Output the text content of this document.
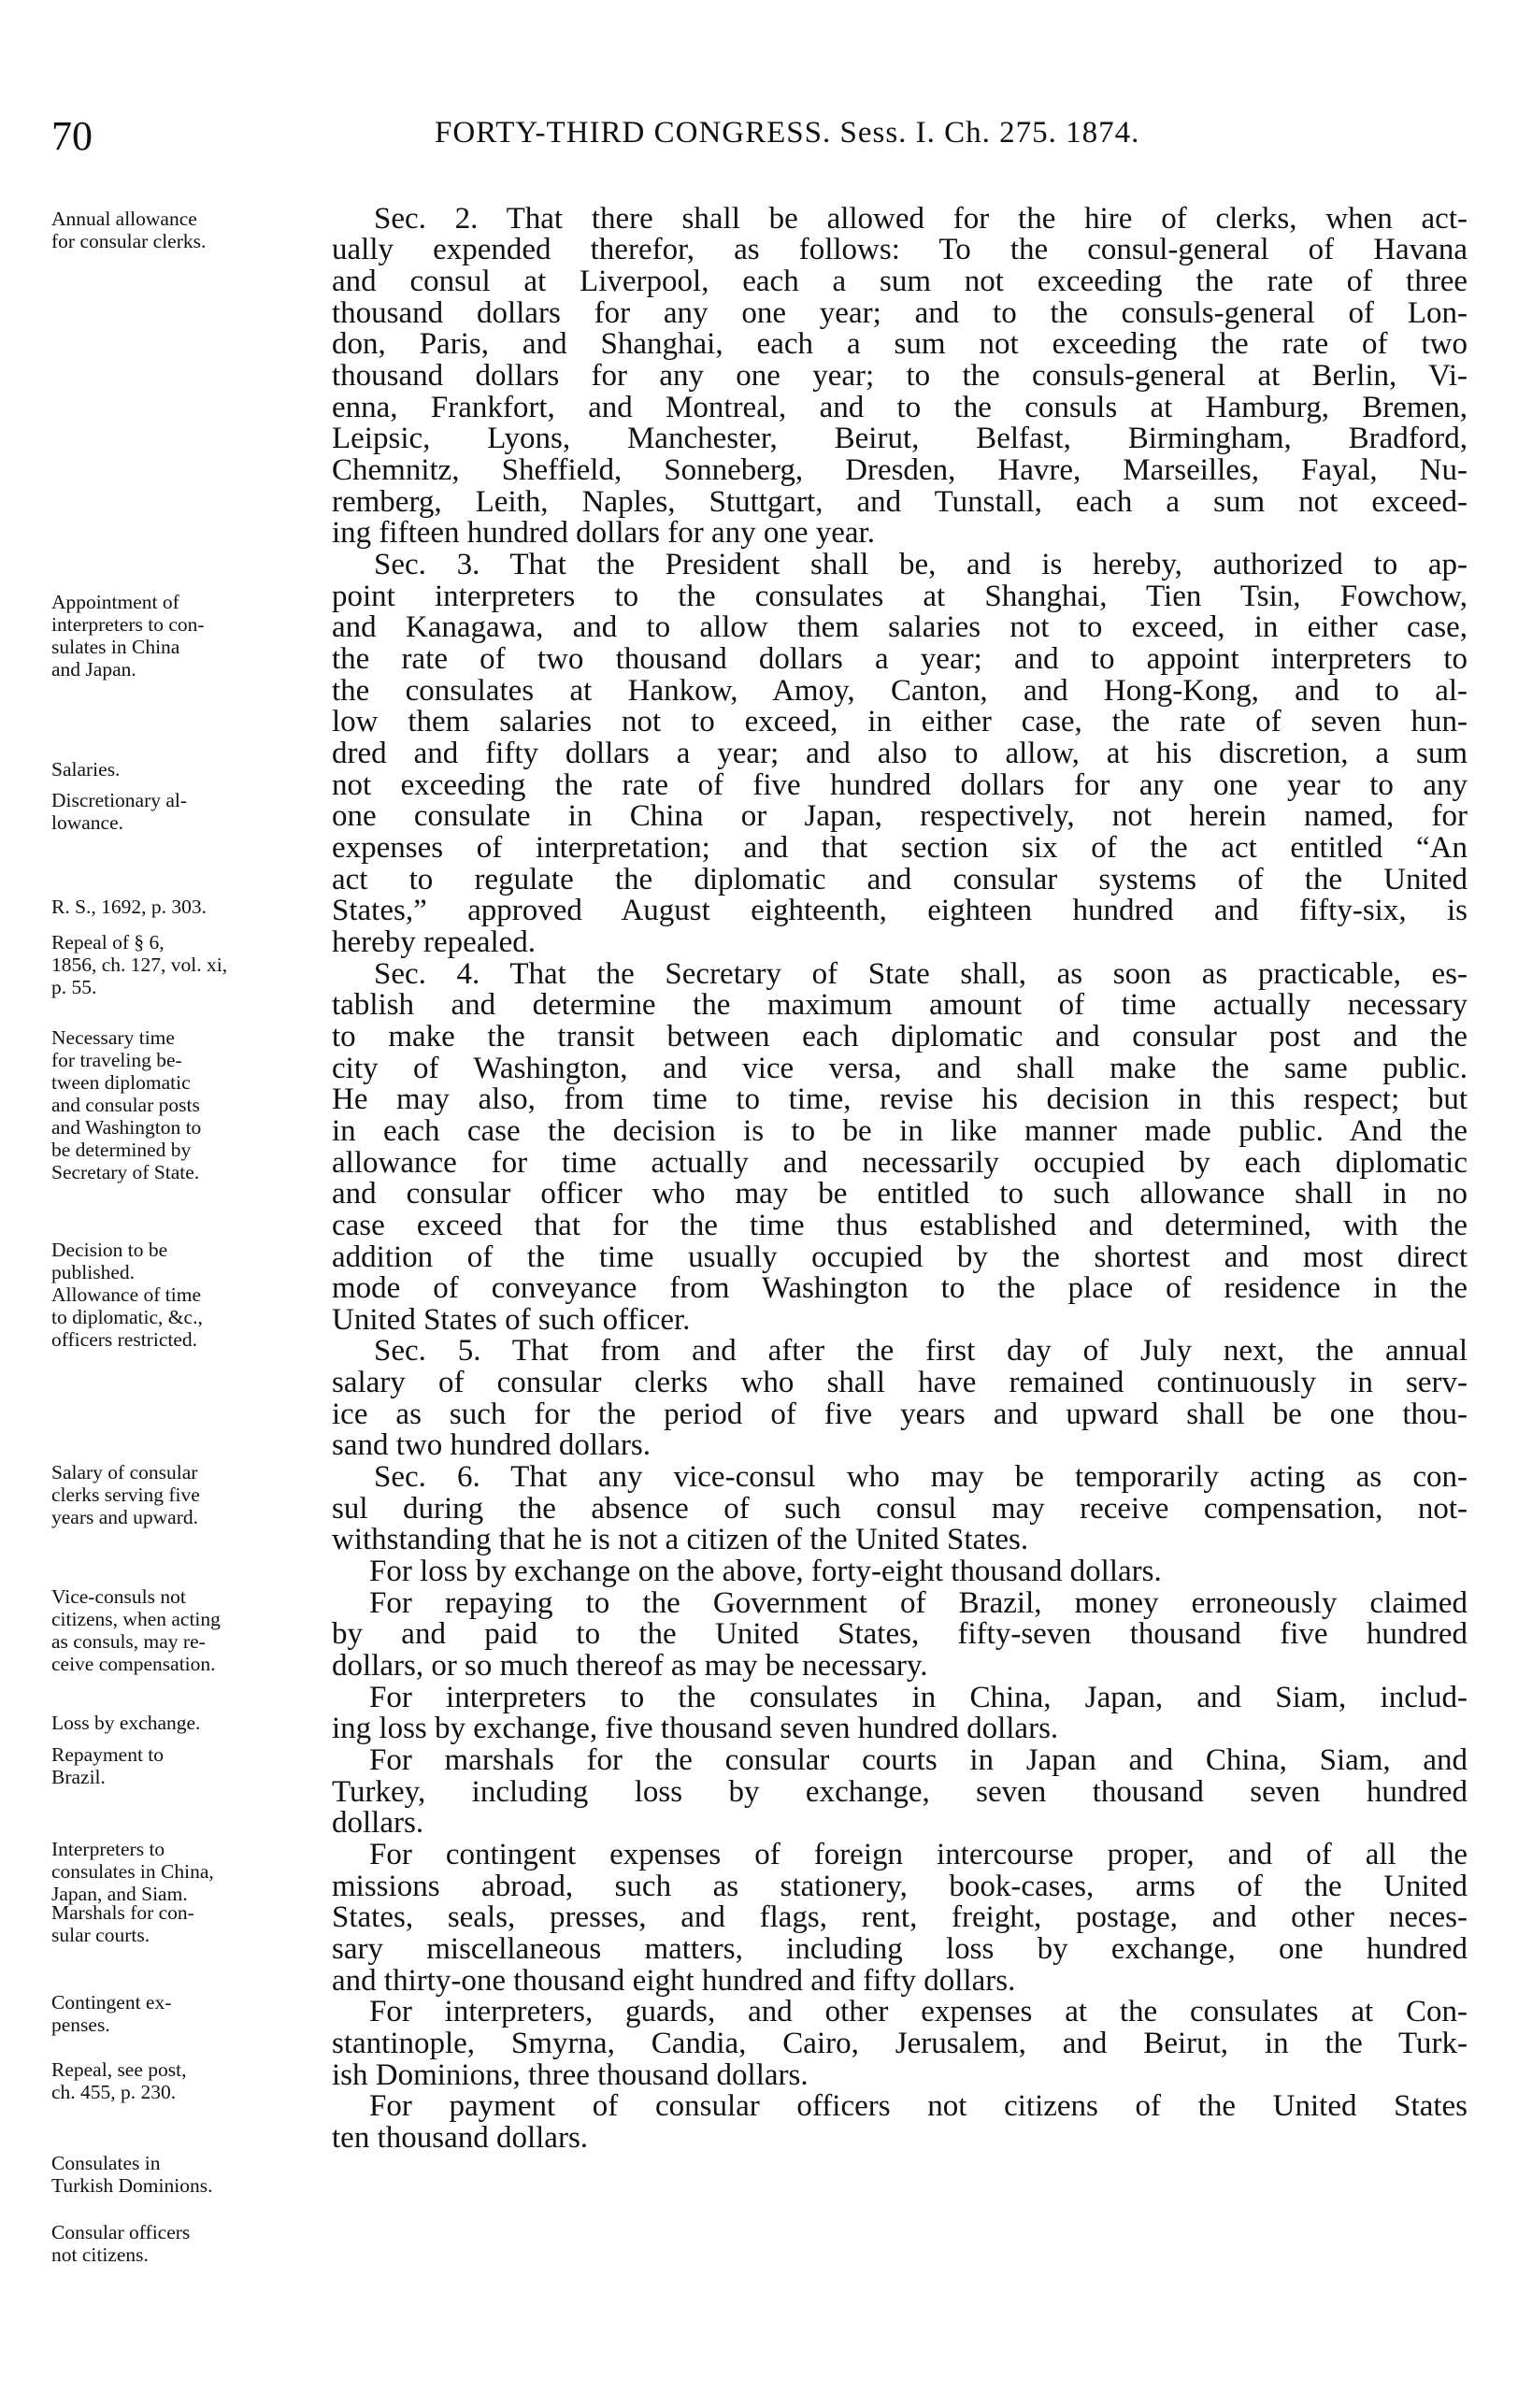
70	FORTY-THIRD CONGRESS. Sess. I. Ch. 275. 1874.
Annual allowance
for consular clerks.
Appointment of
interpreters to con-
sulates in China
and Japan.
Salaries.
Discretionary al-
lowance.
R. S., 1692, p. 303.
Repeal of § 6,
1856, ch. 127, vol. xi,
p. 55.
Necessary time
for traveling be-
tween diplomatic
and consular posts
and Washington to
be determined by
Secretary of State.
Decision to be
published.
Allowance of time
to diplomatic, &c.,
officers restricted.
Salary of consular
clerks serving five
years and upward.
Vice-consuls not
citizens, when acting
as consuls, may re-
ceive compensation.
Loss by exchange.
Repayment to
Brazil.
Interpreters to
consulates in China,
Japan, and Siam.
Marshals for con-
sular courts.
Contingent ex-
penses.
Repeal, see post,
ch. 455, p. 230.
Consulates in
Turkish Dominions.
Consular officers
not citizens.
Sec. 2. That there shall be allowed for the hire of clerks, when act-
ually expended therefor, as follows: To the consul-general of Havana
and consul at Liverpool, each a sum not exceeding the rate of three
thousand dollars for any one year; and to the consuls-general of Lon-
don, Paris, and Shanghai, each a sum not exceeding the rate of two
thousand dollars for any one year; to the consuls-general at Berlin, Vi-
enna, Frankfort, and Montreal, and to the consuls at Hamburg, Bremen,
Leipsic, Lyons, Manchester, Beirut, Belfast, Birmingham, Bradford,
Chemnitz, Sheffield, Sonneberg, Dresden, Havre, Marseilles, Fayal, Nu-
remberg, Leith, Naples, Stuttgart, and Tunstall, each a sum not exceed-
ing fifteen hundred dollars for any one year.
Sec. 3. That the President shall be, and is hereby, authorized to ap-
point interpreters to the consulates at Shanghai, Tien Tsin, Fowchow,
and Kanagawa, and to allow them salaries not to exceed, in either case,
the rate of two thousand dollars a year; and to appoint interpreters to
the consulates at Hankow, Amoy, Canton, and Hong-Kong, and to al-
low them salaries not to exceed, in either case, the rate of seven hun-
dred and fifty dollars a year; and also to allow, at his discretion, a sum
not exceeding the rate of five hundred dollars for any one year to any
one consulate in China or Japan, respectively, not herein named, for
expenses of interpretation; and that section six of the act entitled “An
act to regulate the diplomatic and consular systems of the United
States,” approved August eighteenth, eighteen hundred and fifty-six, is
hereby repealed.
Sec. 4. That the Secretary of State shall, as soon as practicable, es-
tablish and determine the maximum amount of time actually necessary
to make the transit between each diplomatic and consular post and the
city of Washington, and vice versa, and shall make the same public.
He may also, from time to time, revise his decision in this respect; but
in each case the decision is to be in like manner made public. And the
allowance for time actually and necessarily occupied by each diplomatic
and consular officer who may be entitled to such allowance shall in no
case exceed that for the time thus established and determined, with the
addition of the time usually occupied by the shortest and most direct
mode of conveyance from Washington to the place of residence in the
United States of such officer.
Sec. 5. That from and after the first day of July next, the annual
salary of consular clerks who shall have remained continuously in serv-
ice as such for the period of five years and upward shall be one thou-
sand two hundred dollars.
Sec. 6. That any vice-consul who may be temporarily acting as con-
sul during the absence of such consul may receive compensation, not-
withstanding that he is not a citizen of the United States.
For loss by exchange on the above, forty-eight thousand dollars.
For repaying to the Government of Brazil, money erroneously claimed
by and paid to the United States, fifty-seven thousand five hundred
dollars, or so much thereof as may be necessary.
For interpreters to the consulates in China, Japan, and Siam, includ-
ing loss by exchange, five thousand seven hundred dollars.
For marshals for the consular courts in Japan and China, Siam, and
Turkey, including loss by exchange, seven thousand seven hundred
dollars.
For contingent expenses of foreign intercourse proper, and of all the
missions abroad, such as stationery, book-cases, arms of the United
States, seals, presses, and flags, rent, freight, postage, and other neces-
sary miscellaneous matters, including loss by exchange, one hundred
and thirty-one thousand eight hundred and fifty dollars.
For interpreters, guards, and other expenses at the consulates at Con-
stantinople, Smyrna, Candia, Cairo, Jerusalem, and Beirut, in the Turk-
ish Dominions, three thousand dollars.
For payment of consular officers not citizens of the United States
ten thousand dollars.
